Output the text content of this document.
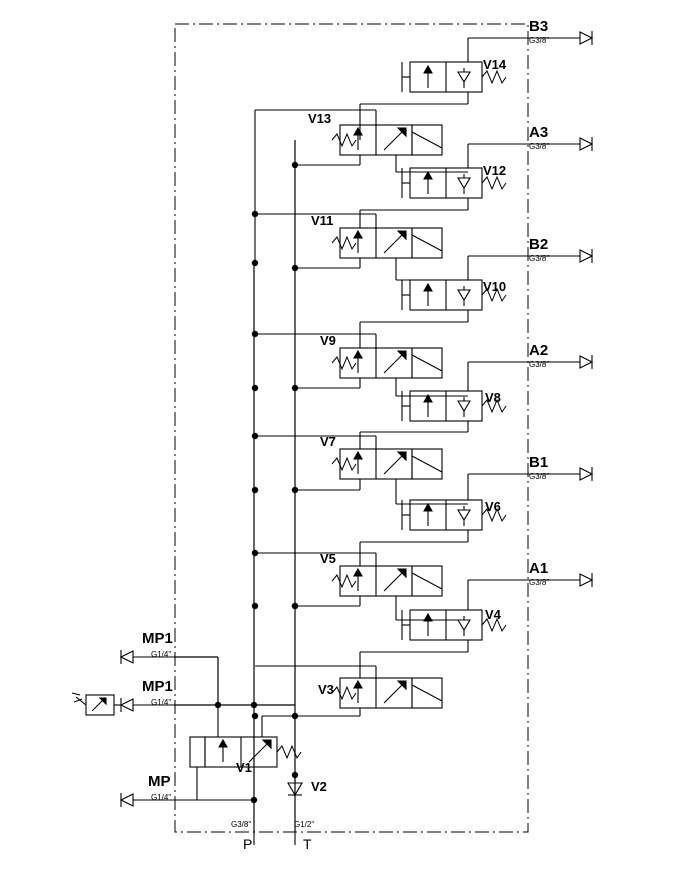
V1
V2
V3
V4
V5
V6
V7
V8
V9
V10
V11
V12
V13
V14
B3
G3/8"
A3
G3/8"
B2
G3/8"
A2
G3/8"
B1
G3/8"
A1
G3/8"
MP1
G1/4"
MP1
G1/4"
MP
G1/4"
G3/8"
P
G1/2"
T
